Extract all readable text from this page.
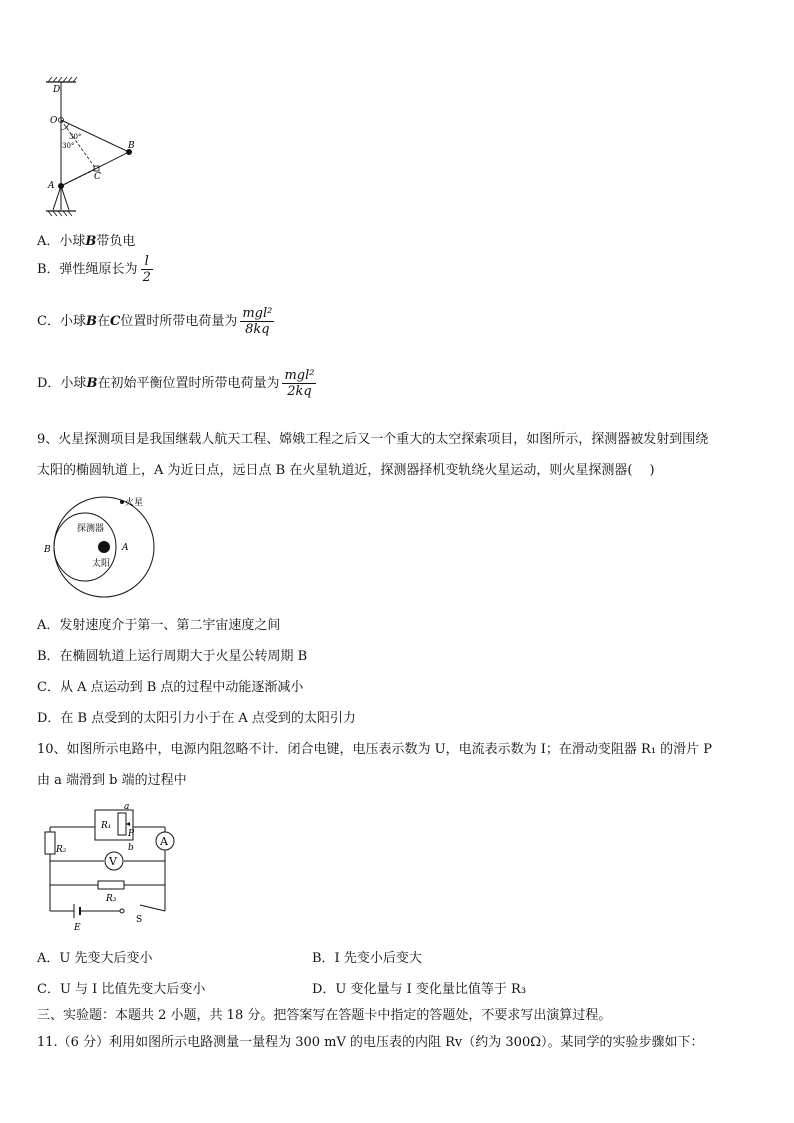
D
O
B
C
A
30°
30°
A．小球B带负电
B．弹性绳原长为 $\frac{l}{2}$
C．小球B在C位置时所带电荷量为 $\frac{\text{mgl²}}{8kq}$
D．小球B在初始平衡位置时所带电荷量为 $\frac{\text{mgl²}}{2kq}$
9、火星探测项目是我国继载人航天工程、嫦娥工程之后又一个重大的太空探索项目，如图所示，探测器被发射到围绕
太阳的椭圆轨道上，A 为近日点，远日点 B 在火星轨道近，探测器择机变轨绕火星运动，则火星探测器(　 )
火星
探测器
太阳
B	A
A．发射速度介于第一、第二宇宙速度之间
B．在椭圆轨道上运行周期大于火星公转周期 B
C．从 A 点运动到 B 点的过程中动能逐渐减小
D．在 B 点受到的太阳引力小于在 A 点受到的太阳引力
10、如图所示电路中，电源内阻忽略不计．闭合电键，电压表示数为 U，电流表示数为 I；在滑动变阻器 R₁ 的滑片 P
由 a 端滑到 b 端的过程中
R₂
R₁
a
P
b A
V
R₃
E
S
A．U 先变大后变小	B．I 先变小后变大
C．U 与 I 比值先变大后变小	D．U 变化量与 I 变化量比值等于 R₃
三、实验题：本题共 2 小题，共 18 分。把答案写在答题卡中指定的答题处，不要求写出演算过程。
11.（6 分）利用如图所示电路测量一量程为 300 mV 的电压表的内阻 Rv（约为 300Ω）。某同学的实验步骤如下：
